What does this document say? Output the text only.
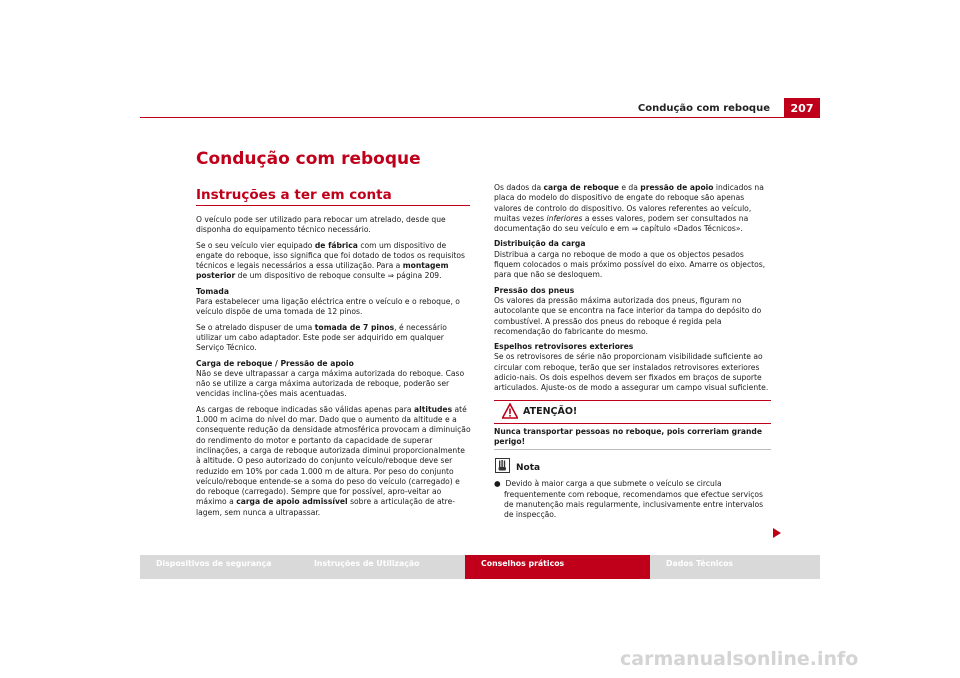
Condução com reboque	207
Condução com reboque
Instruções a ter em conta

O veículo pode ser utilizado para rebocar um atrelado, desde que disponha do equipamento técnico necessário.

Se o seu veículo vier equipado de fábrica com um dispositivo de engate do reboque, isso significa que foi dotado de todos os requisitos técnicos e legais necessários a essa utilização. Para a montagem posterior de um dispositivo de reboque consulte ⇒ página 209.

Tomada

Para estabelecer uma ligação eléctrica entre o veículo e o reboque, o veículo dispõe de uma tomada de 12 pinos.

Se o atrelado dispuser de uma tomada de 7 pinos, é necessário utilizar um cabo adaptador. Este pode ser adquirido em qualquer Serviço Técnico.

Carga de reboque / Pressão de apoio

Não se deve ultrapassar a carga máxima autorizada do reboque. Caso não se utilize a carga máxima autorizada de reboque, poderão ser vencidas inclina-ções mais acentuadas.

As cargas de reboque indicadas são válidas apenas para altitudes até 1.000 m acima do nível do mar. Dado que o aumento da altitude e a consequente redução da densidade atmosférica provocam a diminuição do rendimento do motor e portanto da capacidade de superar inclinações, a carga de reboque autorizada diminui proporcionalmente à altitude. O peso autorizado do conjunto veículo/reboque deve ser reduzido em 10% por cada 1.000 m de altura. Por peso do conjunto veículo/reboque entende-se a soma do peso do veículo (carregado) e do reboque (carregado). Sempre que for possível, apro-veitar ao máximo a carga de apoio admissível sobre a articulação de atre-lagem, sem nunca a ultrapassar.

Os dados da carga de reboque e da pressão de apoio indicados na placa do modelo do dispositivo de engate do reboque são apenas valores de controlo do dispositivo. Os valores referentes ao veículo, muitas vezes inferiores a esses valores, podem ser consultados na documentação do seu veículo e em ⇒ capítulo «Dados Técnicos».

Distribuição da carga

Distribua a carga no reboque de modo a que os objectos pesados fiquem colocados o mais próximo possível do eixo. Amarre os objectos, para que não se desloquem.

Pressão dos pneus

Os valores da pressão máxima autorizada dos pneus, figuram no autocolante que se encontra na face interior da tampa do depósito do combustível. A pressão dos pneus do reboque é regida pela recomendação do fabricante do mesmo.

Espelhos retrovisores exteriores

Se os retrovisores de série não proporcionam visibilidade suficiente ao circular com reboque, terão que ser instalados retrovisores exteriores adicio-nais. Os dois espelhos devem ser fixados em braços de suporte articulados. Ajuste-os de modo a assegurar um campo visual suficiente.

ATENÇÃO!
Nunca transportar pessoas no reboque, pois correriam grande perigo!
Nota

● Devido à maior carga a que submete o veículo se circula frequentemente com reboque, recomendamos que efectue serviços de manutenção mais regularmente, inclusivamente entre intervalos de inspecção.

Dispositivos de segurança	Instruções de Utilização	Conselhos práticos	Dados Técnicos
carmanualsonline.info
